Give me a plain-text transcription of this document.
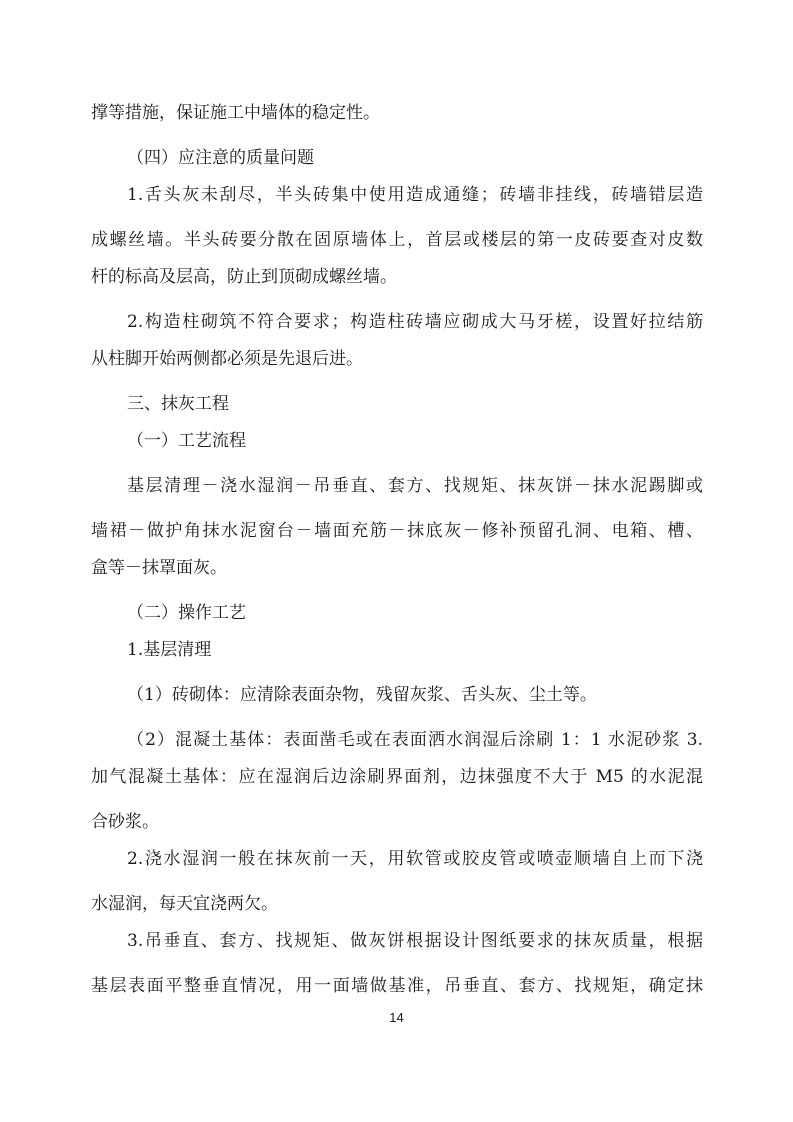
撑等措施，保证施工中墙体的稳定性。

（四）应注意的质量问题

1.舌头灰未刮尽，半头砖集中使用造成通缝；砖墙非挂线，砖墙错层造

成螺丝墙。半头砖要分散在固原墙体上，首层或楼层的第一皮砖要查对皮数

杆的标高及层高，防止到顶砌成螺丝墙。

2.构造柱砌筑不符合要求；构造柱砖墙应砌成大马牙槎，设置好拉结筋

从柱脚开始两侧都必须是先退后进。

三、抹灰工程

（一）工艺流程

基层清理－浇水湿润－吊垂直、套方、找规矩、抹灰饼－抹水泥踢脚或

墙裙－做护角抹水泥窗台－墙面充筋－抹底灰－修补预留孔洞、电箱、槽、

盒等－抹罩面灰。

（二）操作工艺

1.基层清理

（1）砖砌体：应清除表面杂物，残留灰浆、舌头灰、尘土等。

（2）混凝土基体：表面凿毛或在表面洒水润湿后涂刷 1：1 水泥砂浆 3.

加气混凝土基体：应在湿润后边涂刷界面剂，边抹强度不大于 M5 的水泥混

合砂浆。

2.浇水湿润一般在抹灰前一天，用软管或胶皮管或喷壶顺墙自上而下浇

水湿润，每天宜浇两欠。

3.吊垂直、套方、找规矩、做灰饼根据设计图纸要求的抹灰质量，根据

基层表面平整垂直情况，用一面墙做基准，吊垂直、套方、找规矩，确定抹

14
